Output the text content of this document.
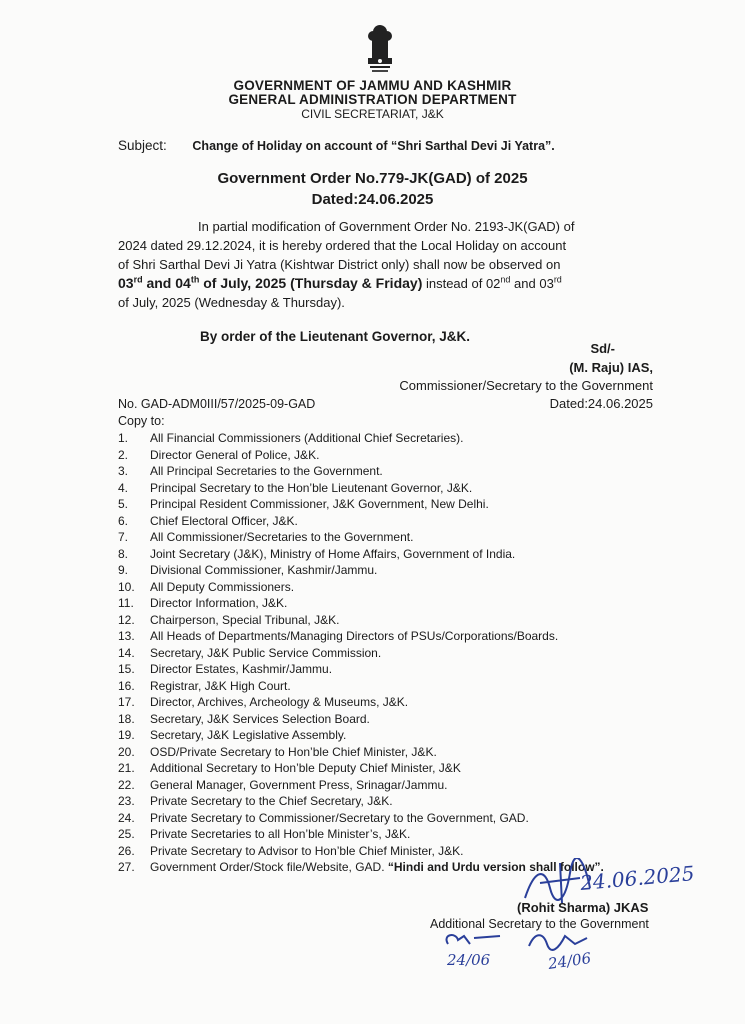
GOVERNMENT OF JAMMU AND KASHMIR
GENERAL ADMINISTRATION DEPARTMENT
CIVIL SECRETARIAT, J&K
Subject: Change of Holiday on account of “Shri Sarthal Devi Ji Yatra”.
Government Order No.779-JK(GAD) of 2025
Dated:24.06.2025
In partial modification of Government Order No. 2193-JK(GAD) of
2024 dated 29.12.2024, it is hereby ordered that the Local Holiday on account
of Shri Sarthal Devi Ji Yatra (Kishtwar District only) shall now be observed on
03rd and 04th of July, 2025 (Thursday & Friday) instead of 02nd and 03rd
of July, 2025 (Wednesday & Thursday).
By order of the Lieutenant Governor, J&K.
Sd/-
(M. Raju) IAS,
Commissioner/Secretary to the Government
Dated:24.06.2025
No. GAD-ADM0III/57/2025-09-GAD
Copy to:
1. All Financial Commissioners (Additional Chief Secretaries).
2. Director General of Police, J&K.
3. All Principal Secretaries to the Government.
4. Principal Secretary to the Hon’ble Lieutenant Governor, J&K.
5. Principal Resident Commissioner, J&K Government, New Delhi.
6. Chief Electoral Officer, J&K.
7. All Commissioner/Secretaries to the Government.
8. Joint Secretary (J&K), Ministry of Home Affairs, Government of India.
9. Divisional Commissioner, Kashmir/Jammu.
10. All Deputy Commissioners.
11. Director Information, J&K.
12. Chairperson, Special Tribunal, J&K.
13. All Heads of Departments/Managing Directors of PSUs/Corporations/Boards.
14. Secretary, J&K Public Service Commission.
15. Director Estates, Kashmir/Jammu.
16. Registrar, J&K High Court.
17. Director, Archives, Archeology & Museums, J&K.
18. Secretary, J&K Services Selection Board.
19. Secretary, J&K Legislative Assembly.
20. OSD/Private Secretary to Hon’ble Chief Minister, J&K.
21. Additional Secretary to Hon’ble Deputy Chief Minister, J&K
22. General Manager, Government Press, Srinagar/Jammu.
23. Private Secretary to the Chief Secretary, J&K.
24. Private Secretary to Commissioner/Secretary to the Government, GAD.
25. Private Secretaries to all Hon’ble Minister’s, J&K.
26. Private Secretary to Advisor to Hon’ble Chief Minister, J&K.
27. Government Order/Stock file/Website, GAD. “Hindi and Urdu version shall follow”.
24.06.2025
(Rohit Sharma) JKAS
Additional Secretary to the Government
24/06	24/06
